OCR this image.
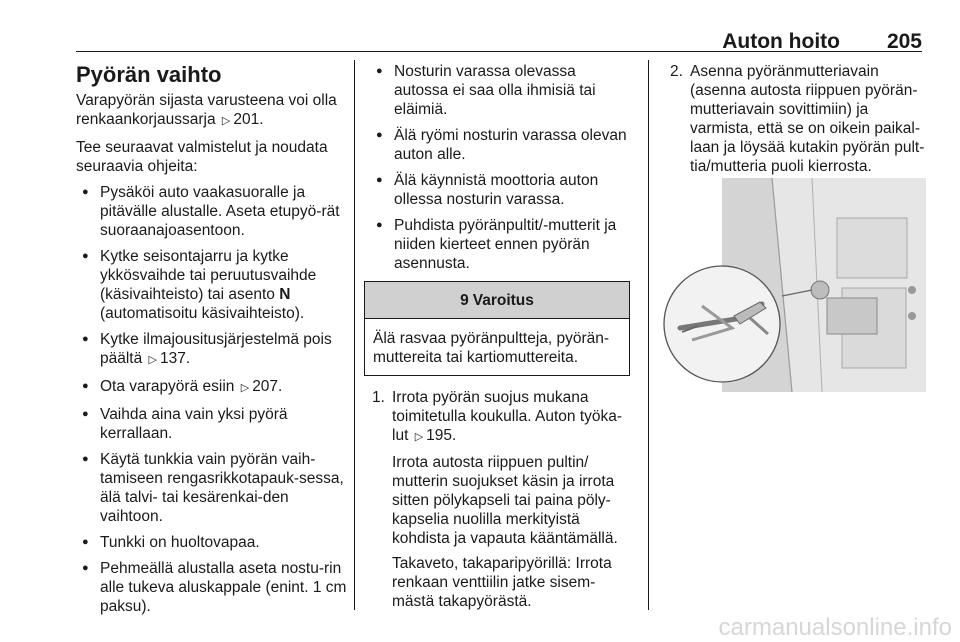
Auton hoito 205
Pyörän vaihto

Varapyörän sijasta varusteena voi olla renkaankorjaussarja ▷ 201.

Tee seuraavat valmistelut ja noudata seuraavia ohjeita:

● Pysäköi auto vaakasuoralle ja pitävälle alustalle. Aseta etupyö-rät suoraanajoasentoon.
● Kytke seisontajarru ja kytke ykkösvaihde tai peruutusvaihde (käsivaihteisto) tai asento N (automatisoitu käsivaihteisto).
● Kytke ilmajousitusjärjestelmä pois päältä ▷ 137.
● Ota varapyörä esiin ▷ 207.
● Vaihda aina vain yksi pyörä kerrallaan.
● Käytä tunkkia vain pyörän vaih-tamiseen rengasrikkotapauk-sessa, älä talvi- tai kesärenkai-den vaihtoon.
● Tunkki on huoltovapaa.
● Pehmeällä alustalla aseta nostu-rin alle tukeva aluskappale (enint. 1 cm paksu).
● Nosturin varassa olevassa autossa ei saa olla ihmisiä tai eläimiä.
● Älä ryömi nosturin varassa olevan auton alle.
● Älä käynnistä moottoria auton ollessa nosturin varassa.
● Puhdista pyöränpultit/-mutterit ja niiden kierteet ennen pyörän asennusta.
9 Varoitus
Älä rasvaa pyöränpultteja, pyörän-muttereita tai kartiomuttereita.
1. Irrota pyörän suojus mukana toimitetulla koukulla. Auton työka-lut ▷ 195.

Irrota autosta riippuen pultin/ mutterin suojukset käsin ja irrota sitten pölykapseli tai paina pöly-kapselia nuolilla merkityistä kohdista ja vapauta kääntämällä.

Takaveto, takaparipyörillä: Irrota renkaan venttiilin jatke sisem-mästä takapyörästä.

2. Asenna pyöränmutteriavain (asenna autosta riippuen pyörän-mutteriavain sovittimiin) ja varmista, että se on oikein paikal-laan ja löysää kutakin pyörän pult-tia/mutteria puoli kierrosta.

carmanualsonline.info
